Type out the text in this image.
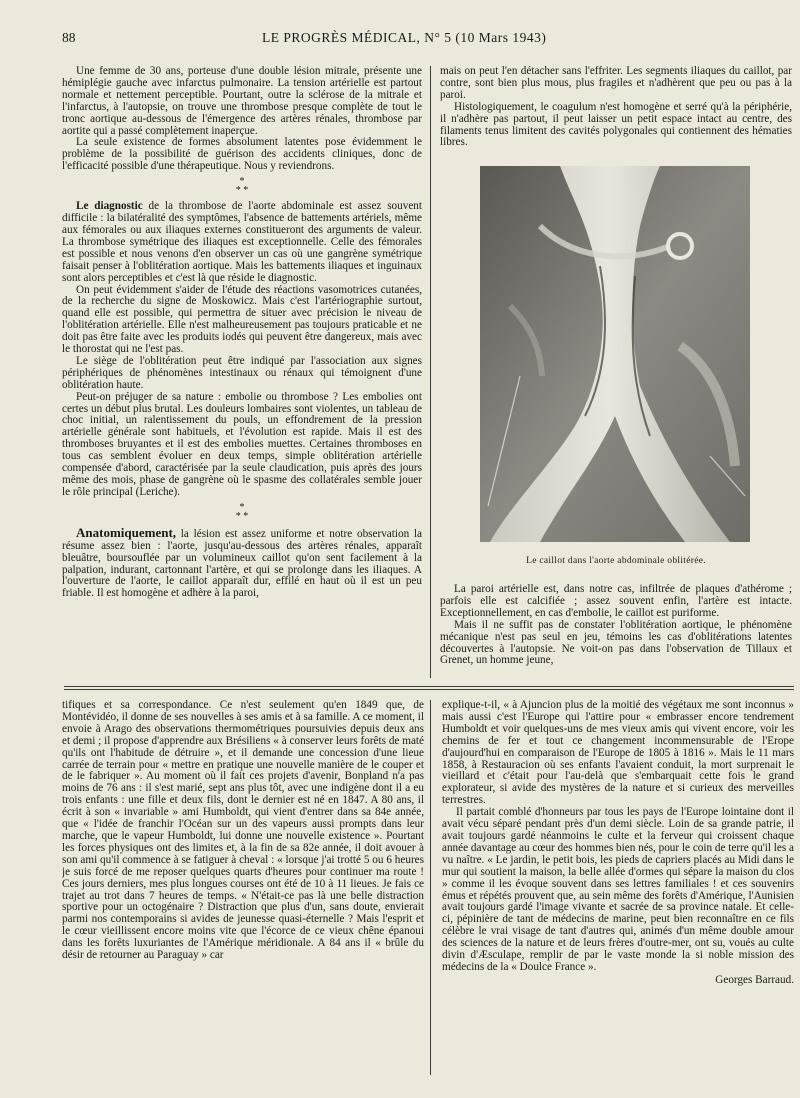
88	LE PROGRÈS MÉDICAL, N° 5 (10 Mars 1943)

Une femme de 30 ans, porteuse d'une double lésion mitrale, présente une hémiplégie gauche avec infarctus pulmonaire. La tension artérielle est partout normale et nettement perceptible. Pourtant, outre la sclérose de la mitrale et l'infarctus, à l'autopsie, on trouve une thrombose presque complète de tout le tronc aortique au-dessous de l'émergence des artères rénales, thrombose par aortite qui a passé complètement inaperçue.

La seule existence de formes absolument latentes pose évidemment le problème de la possibilité de guérison des accidents cliniques, donc de l'efficacité possible d'une thérapeutique. Nous y reviendrons.

*
* *

Le diagnostic de la thrombose de l'aorte abdominale est assez souvent difficile : la bilatéralité des symptômes, l'absence de battements artériels, même aux fémorales ou aux iliaques externes constitueront des arguments de valeur. La thrombose symétrique des iliaques est exceptionnelle. Celle des fémorales est possible et nous venons d'en observer un cas où une gangrène symétrique faisait penser à l'oblitération aortique. Mais les battements iliaques et inguinaux sont alors perceptibles et c'est là que réside le diagnostic.

On peut évidemment s'aider de l'étude des réactions vasomotrices cutanées, de la recherche du signe de Moskowicz. Mais c'est l'artériographie surtout, quand elle est possible, qui permettra de situer avec précision le niveau de l'oblitération artérielle. Elle n'est malheureusement pas toujours praticable et ne doit pas être faite avec les produits iodés qui peuvent être dangereux, mais avec le thorostat qui ne l'est pas.

Le siège de l'oblitération peut être indiqué par l'association aux signes périphériques de phénomènes intestinaux ou rénaux qui témoignent d'une oblitération haute.

Peut-on préjuger de sa nature : embolie ou thrombose ? Les embolies ont certes un début plus brutal. Les douleurs lombaires sont violentes, un tableau de choc initial, un ralentissement du pouls, un effondrement de la pression artérielle générale sont habituels, et l'évolution est rapide. Mais il est des thromboses bruyantes et il est des embolies muettes. Certaines thromboses en tous cas semblent évoluer en deux temps, simple oblitération artérielle compensée d'abord, caractérisée par la seule claudication, puis après des jours même des mois, phase de gangrène où le spasme des collatérales semble jouer le rôle principal (Leriche).

*
* *

Anatomiquement, la lésion est assez uniforme et notre observation la résume assez bien : l'aorte, jusqu'au-dessous des artères rénales, apparaît bleuâtre, boursouflée par un volumineux caillot qu'on sent facilement à la palpation, indurant, cartonnant l'artère, et qui se prolonge dans les iliaques. A l'ouverture de l'aorte, le caillot apparaît dur, effilé en haut où il est un peu friable. Il est homogène et adhère à la paroi,

mais on peut l'en détacher sans l'effriter. Les segments iliaques du caillot, par contre, sont bien plus mous, plus fragiles et n'adhèrent que peu ou pas à la paroi.

Histologiquement, le coagulum n'est homogène et serré qu'à la périphérie, il n'adhère pas partout, il peut laisser un petit espace intact au centre, des filaments tenus limitent des cavités polygonales qui contiennent des hématies libres.

Le caillot dans l'aorte abdominale oblitérée.

La paroi artérielle est, dans notre cas, infiltrée de plaques d'athérome ; parfois elle est calcifiée ; assez souvent enfin, l'artère est intacte. Exceptionnellement, en cas d'embolie, le caillot est puriforme.

Mais il ne suffit pas de constater l'oblitération aortique, le phénomène mécanique n'est pas seul en jeu, témoins les cas d'oblitérations latentes découvertes à l'autopsie. Ne voit-on pas dans l'observation de Tillaux et Grenet, un homme jeune,

tifiques et sa correspondance. Ce n'est seulement qu'en 1849 que, de Montévidéo, il donne de ses nouvelles à ses amis et à sa famille. A ce moment, il envoie à Arago des observations thermométriques poursuivies depuis deux ans et demi ; il propose d'apprendre aux Brésiliens « à conserver leurs forêts de maté qu'ils ont l'habitude de détruire », et il demande une concession d'une lieue carrée de terrain pour « mettre en pratique une nouvelle manière de le couper et de le fabriquer ». Au moment où il fait ces projets d'avenir, Bonpland n'a pas moins de 76 ans : il s'est marié, sept ans plus tôt, avec une indigène dont il a eu trois enfants : une fille et deux fils, dont le dernier est né en 1847. A 80 ans, il écrit à son « invariable » ami Humboldt, qui vient d'entrer dans sa 84e année, que « l'idée de franchir l'Océan sur un des vapeurs aussi prompts dans leur marche, que le vapeur Humboldt, lui donne une nouvelle existence ». Pourtant les forces physiques ont des limites et, à la fin de sa 82e année, il doit avouer à son ami qu'il commence à se fatiguer à cheval : « lorsque j'ai trotté 5 ou 6 heures je suis forcé de me reposer quelques quarts d'heures pour continuer ma route ! Ces jours derniers, mes plus longues courses ont été de 10 à 11 lieues. Je fais ce trajet au trot dans 7 heures de temps. « N'était-ce pas là une belle distraction sportive pour un octogénaire ? Distraction que plus d'un, sans doute, envierait parmi nos contemporains si avides de jeunesse quasi-éternelle ? Mais l'esprit et le cœur vieillissent encore moins vite que l'écorce de ce vieux chêne épanoui dans les forêts luxuriantes de l'Amérique méridionale. A 84 ans il « brûle du désir de retourner au Paraguay » car

explique-t-il, « à Ajuncion plus de la moitié des végétaux me sont inconnus » mais aussi c'est l'Europe qui l'attire pour « embrasser encore tendrement Humboldt et voir quelques-uns de mes vieux amis qui vivent encore, voir les chemins de fer et tout ce changement incommensurable de l'Erope d'aujourd'hui en comparaison de l'Europe de 1805 à 1816 ». Mais le 11 mars 1858, à Restauracion où ses enfants l'avaient conduit, la mort surprenait le vieillard et c'était pour l'au-delà que s'embarquait cette fois le grand explorateur, si avide des mystères de la nature et si curieux des merveilles terrestres.

Il partait comblé d'honneurs par tous les pays de l'Europe lointaine dont il avait vécu séparé pendant près d'un demi siècle. Loin de sa grande patrie, il avait toujours gardé néanmoins le culte et la ferveur qui croissent chaque année davantage au cœur des hommes bien nés, pour le coin de terre qu'il les a vu naître. « Le jardin, le petit bois, les pieds de capriers placés au Midi dans le mur qui soutient la maison, la belle allée d'ormes qui sépare la maison du clos » comme il les évoque souvent dans ses lettres familiales ! et ces souvenirs émus et répétés prouvent que, au sein même des forêts d'Amérique, l'Aunisien avait toujours gardé l'image vivante et sacrée de sa province natale. Et celle-ci, pépinière de tant de médecins de marine, peut bien reconnaître en ce fils célèbre le vrai visage de tant d'autres qui, animés d'un même double amour des sciences de la nature et de leurs frères d'outre-mer, ont su, voués au culte divin d'Æsculape, remplir de par le vaste monde la si noble mission des médecins de la « Doulce France ».

Georges Barraud.
